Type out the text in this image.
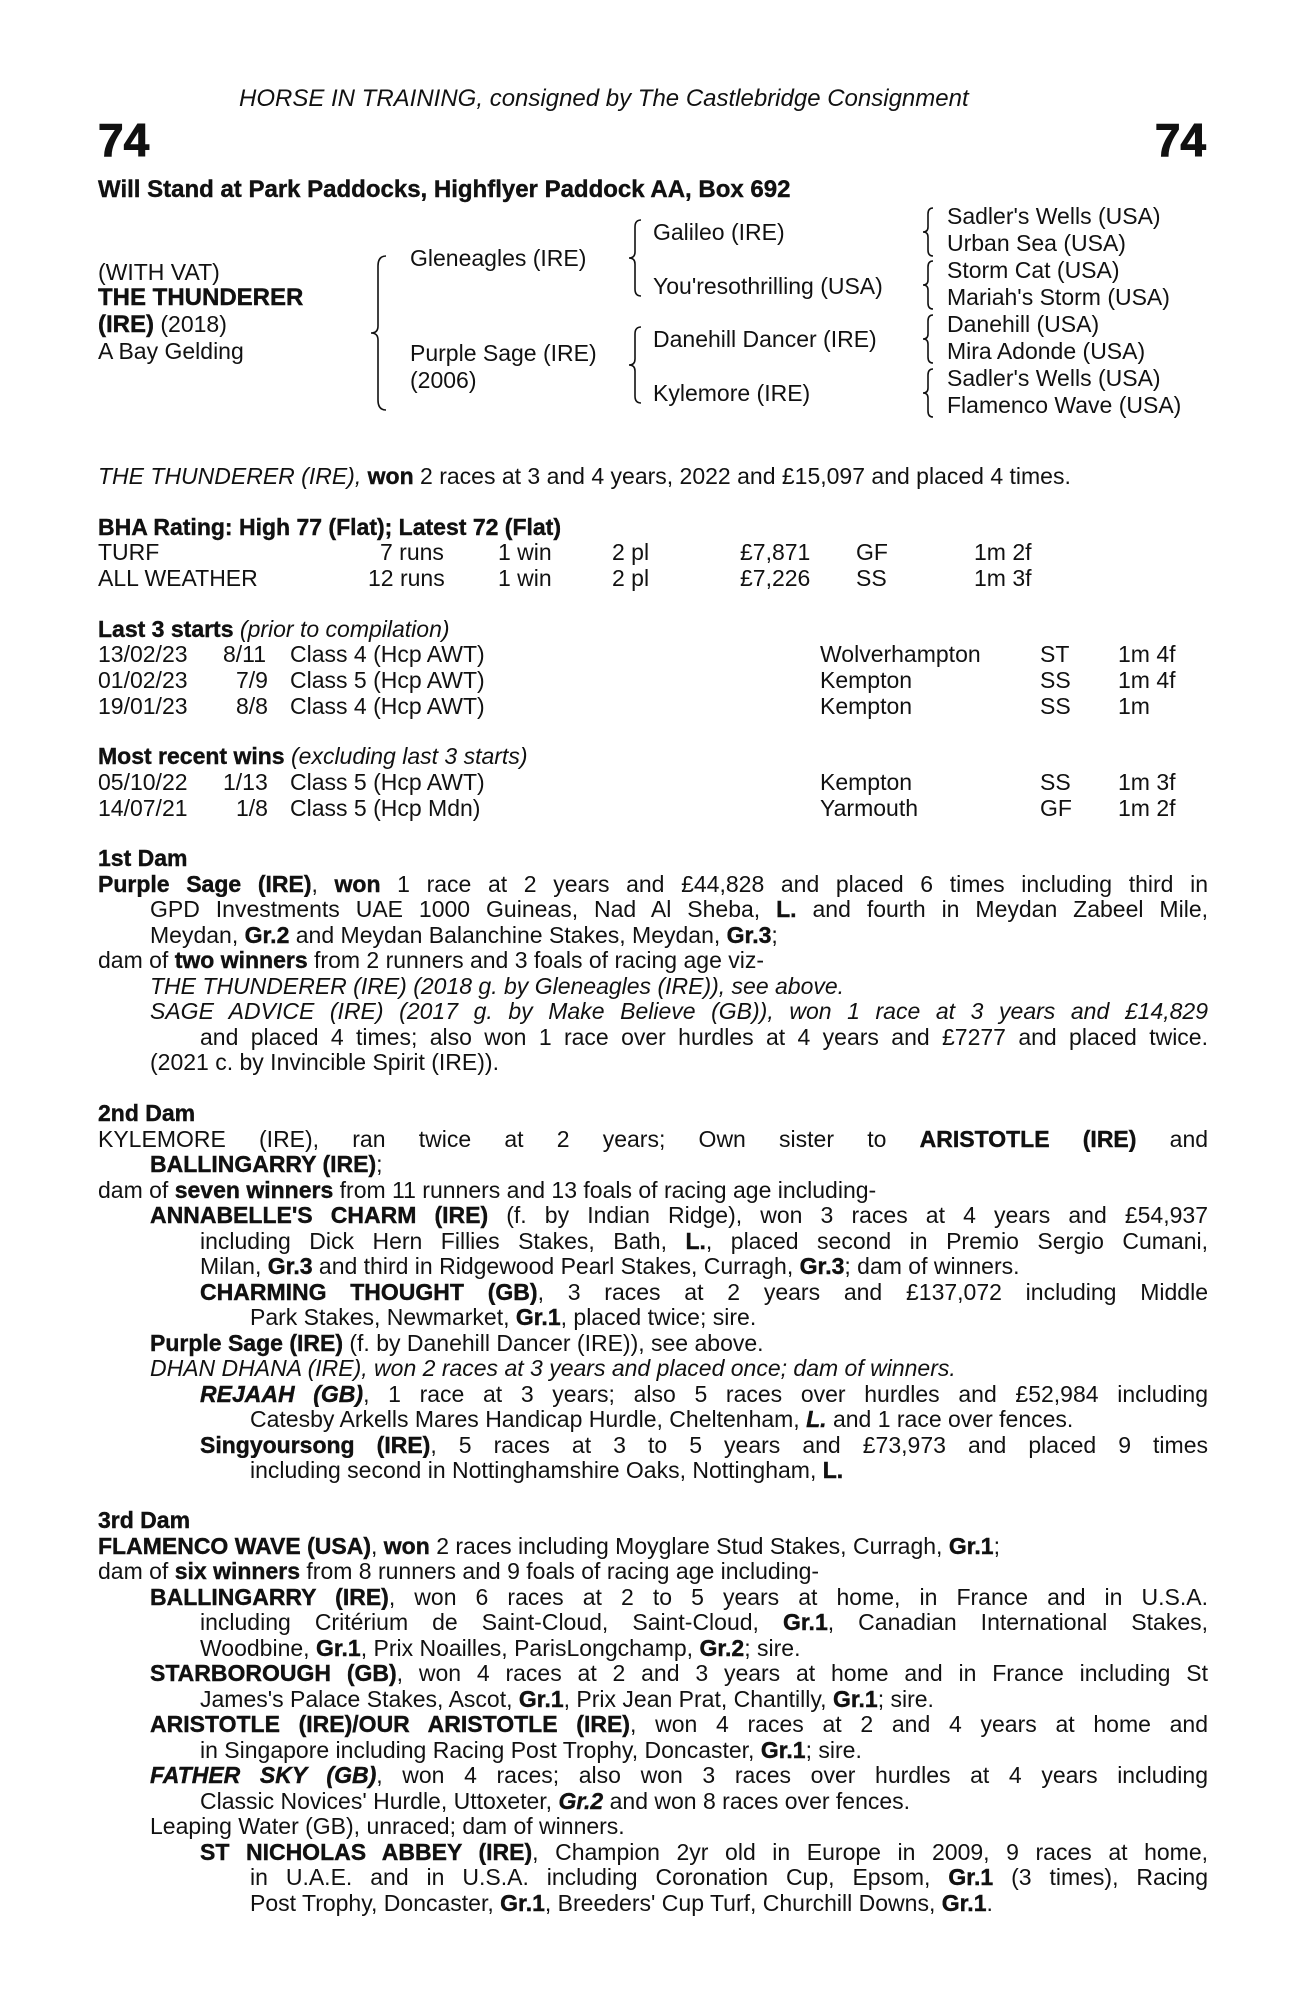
HORSE IN TRAINING, consigned by The Castlebridge Consignment
74	74
Will Stand at Park Paddocks, Highflyer Paddock AA, Box 692
(WITH VAT)
THE THUNDERER
(IRE) (2018)
A Bay Gelding
Gleneagles (IRE)
Purple Sage (IRE)
(2006)
Galileo (IRE)
You'resothrilling (USA)
Danehill Dancer (IRE)
Kylemore (IRE)
Sadler's Wells (USA)
Urban Sea (USA)
Storm Cat (USA)
Mariah's Storm (USA)
Danehill (USA)
Mira Adonde (USA)
Sadler's Wells (USA)
Flamenco Wave (USA)
THE THUNDERER (IRE), won 2 races at 3 and 4 years, 2022 and £15,097 and placed 4 times.
BHA Rating: High 77 (Flat); Latest 72 (Flat)
TURF	7 runs 1 win	2 pl	£7,871 GF	1m 2f
ALL WEATHER	12 runs 1 win	2 pl	£7,226 SS	1m 3f
Last 3 starts (prior to compilation)
13/02/23 8/11 Class 4 (Hcp AWT)	Wolverhampton	ST 1m 4f
01/02/23 7/9 Class 5 (Hcp AWT)	Kempton	SS 1m 4f
19/01/23 8/8 Class 4 (Hcp AWT)	Kempton	SS 1m
Most recent wins (excluding last 3 starts)
05/10/22 1/13 Class 5 (Hcp AWT)	Kempton	SS 1m 3f
14/07/21 1/8 Class 5 (Hcp Mdn)	Yarmouth	GF 1m 2f
1st Dam
Purple Sage (IRE), won 1 race at 2 years and £44,828 and placed 6 times including third in
GPD Investments UAE 1000 Guineas, Nad Al Sheba, L. and fourth in Meydan Zabeel Mile,
Meydan, Gr.2 and Meydan Balanchine Stakes, Meydan, Gr.3;
dam of two winners from 2 runners and 3 foals of racing age viz-
THE THUNDERER (IRE) (2018 g. by Gleneagles (IRE)), see above.
SAGE ADVICE (IRE) (2017 g. by Make Believe (GB)), won 1 race at 3 years and £14,829
and placed 4 times; also won 1 race over hurdles at 4 years and £7277 and placed twice.
(2021 c. by Invincible Spirit (IRE)).
2nd Dam
KYLEMORE (IRE), ran twice at 2 years; Own sister to ARISTOTLE (IRE) and
BALLINGARRY (IRE);
dam of seven winners from 11 runners and 13 foals of racing age including-
ANNABELLE'S CHARM (IRE) (f. by Indian Ridge), won 3 races at 4 years and £54,937
including Dick Hern Fillies Stakes, Bath, L., placed second in Premio Sergio Cumani,
Milan, Gr.3 and third in Ridgewood Pearl Stakes, Curragh, Gr.3; dam of winners.
CHARMING THOUGHT (GB), 3 races at 2 years and £137,072 including Middle
Park Stakes, Newmarket, Gr.1, placed twice; sire.
Purple Sage (IRE) (f. by Danehill Dancer (IRE)), see above.
DHAN DHANA (IRE), won 2 races at 3 years and placed once; dam of winners.
REJAAH (GB), 1 race at 3 years; also 5 races over hurdles and £52,984 including
Catesby Arkells Mares Handicap Hurdle, Cheltenham, L. and 1 race over fences.
Singyoursong (IRE), 5 races at 3 to 5 years and £73,973 and placed 9 times
including second in Nottinghamshire Oaks, Nottingham, L.
3rd Dam
FLAMENCO WAVE (USA), won 2 races including Moyglare Stud Stakes, Curragh, Gr.1;
dam of six winners from 8 runners and 9 foals of racing age including-
BALLINGARRY (IRE), won 6 races at 2 to 5 years at home, in France and in U.S.A.
including Critérium de Saint-Cloud, Saint-Cloud, Gr.1, Canadian International Stakes,
Woodbine, Gr.1, Prix Noailles, ParisLongchamp, Gr.2; sire.
STARBOROUGH (GB), won 4 races at 2 and 3 years at home and in France including St
James's Palace Stakes, Ascot, Gr.1, Prix Jean Prat, Chantilly, Gr.1; sire.
ARISTOTLE (IRE)/OUR ARISTOTLE (IRE), won 4 races at 2 and 4 years at home and
in Singapore including Racing Post Trophy, Doncaster, Gr.1; sire.
FATHER SKY (GB), won 4 races; also won 3 races over hurdles at 4 years including
Classic Novices' Hurdle, Uttoxeter, Gr.2 and won 8 races over fences.
Leaping Water (GB), unraced; dam of winners.
ST NICHOLAS ABBEY (IRE), Champion 2yr old in Europe in 2009, 9 races at home,
in U.A.E. and in U.S.A. including Coronation Cup, Epsom, Gr.1 (3 times), Racing
Post Trophy, Doncaster, Gr.1, Breeders' Cup Turf, Churchill Downs, Gr.1.
